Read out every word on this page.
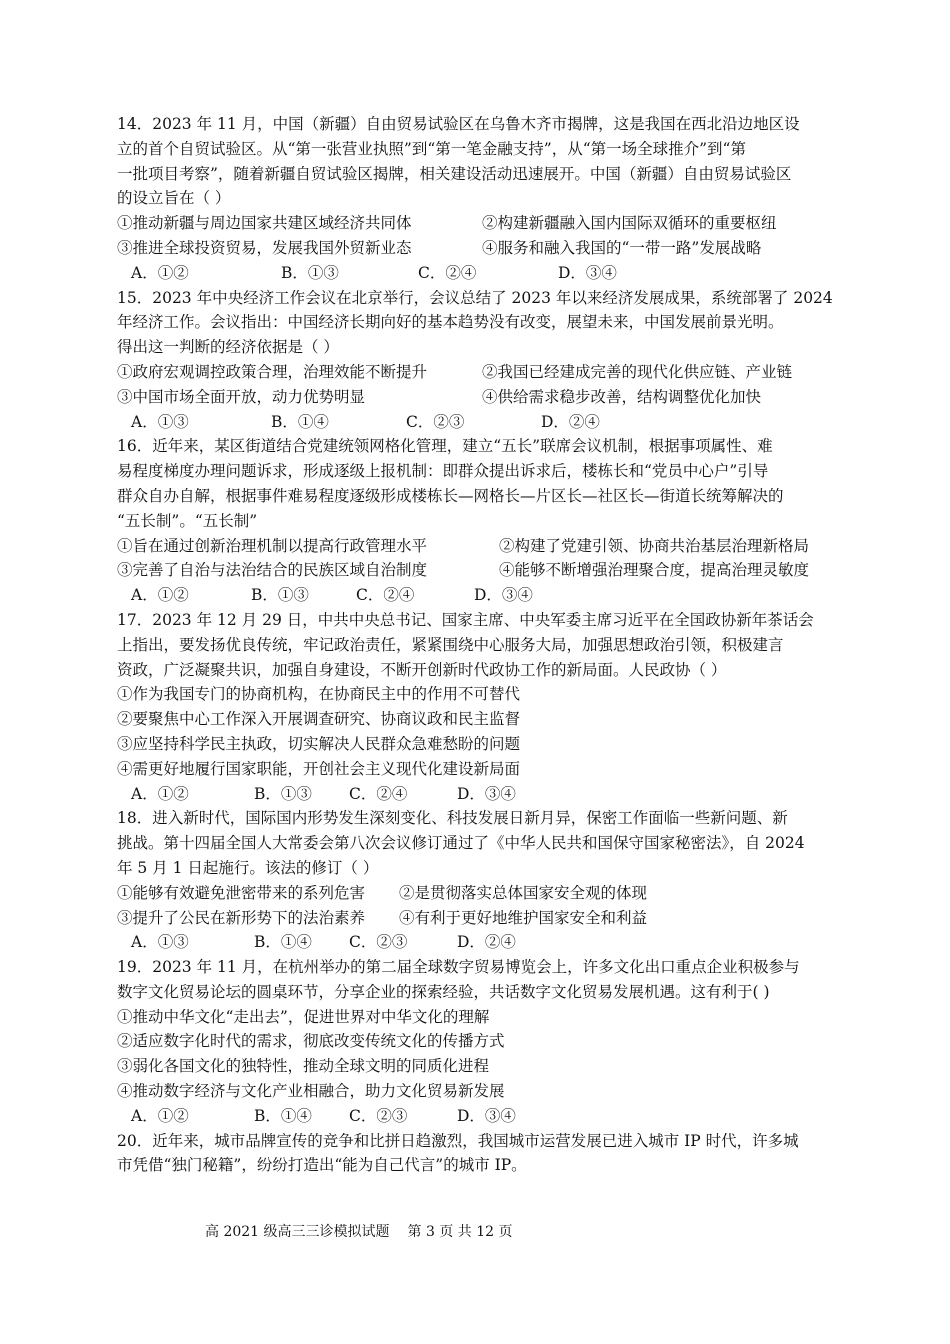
14．2023 年 11 月，中国（新疆）自由贸易试验区在乌鲁木齐市揭牌，这是我国在西北沿边地区设
立的首个自贸试验区。从“第一张营业执照”到“第一笔金融支持”，从“第一场全球推介”到“第
一批项目考察”，随着新疆自贸试验区揭牌，相关建设活动迅速展开。中国（新疆）自由贸易试验区
的设立旨在（ ）
①推动新疆与周边国家共建区域经济共同体	②构建新疆融入国内国际双循环的重要枢纽
③推进全球投资贸易，发展我国外贸新业态	④服务和融入我国的“一带一路”发展战略
A．①②	B．①③	C．②④	D．③④
15．2023 年中央经济工作会议在北京举行，会议总结了 2023 年以来经济发展成果，系统部署了 2024
年经济工作。会议指出：中国经济长期向好的基本趋势没有改变，展望未来，中国发展前景光明。
得出这一判断的经济依据是（ ）
①政府宏观调控政策合理，治理效能不断提升	②我国已经建成完善的现代化供应链、产业链
③中国市场全面开放，动力优势明显	④供给需求稳步改善，结构调整优化加快
A．①③	B．①④	C．②③	D．②④
16．近年来，某区街道结合党建统领网格化管理，建立“五长”联席会议机制，根据事项属性、难
易程度梯度办理问题诉求，形成逐级上报机制：即群众提出诉求后，楼栋长和“党员中心户”引导
群众自办自解，根据事件难易程度逐级形成楼栋长—网格长—片区长—社区长—街道长统筹解决的
“五长制”。“五长制”
①旨在通过创新治理机制以提高行政管理水平	②构建了党建引领、协商共治基层治理新格局
③完善了自治与法治结合的民族区域自治制度	④能够不断增强治理聚合度，提高治理灵敏度
A．①②	B．①③	C．②④	D．③④
17．2023 年 12 月 29 日，中共中央总书记、国家主席、中央军委主席习近平在全国政协新年茶话会
上指出，要发扬优良传统，牢记政治责任，紧紧围绕中心服务大局，加强思想政治引领，积极建言
资政，广泛凝聚共识，加强自身建设，不断开创新时代政协工作的新局面。人民政协（ ）
①作为我国专门的协商机构，在协商民主中的作用不可替代
②要聚焦中心工作深入开展调查研究、协商议政和民主监督
③应坚持科学民主执政，切实解决人民群众急难愁盼的问题
④需更好地履行国家职能，开创社会主义现代化建设新局面
A．①②	B．①③ C．②④	D．③④
18．进入新时代，国际国内形势发生深刻变化、科技发展日新月异，保密工作面临一些新问题、新
挑战。第十四届全国人大常委会第八次会议修订通过了《中华人民共和国保守国家秘密法》，自 2024
年 5 月 1 日起施行。该法的修订（ ）
①能够有效避免泄密带来的系列危害 ②是贯彻落实总体国家安全观的体现
③提升了公民在新形势下的法治素养 ④有利于更好地维护国家安全和利益
A．①③	B．①④ C．②③	D．②④
19．2023 年 11 月，在杭州举办的第二届全球数字贸易博览会上，许多文化出口重点企业积极参与
数字文化贸易论坛的圆桌环节，分享企业的探索经验，共话数字文化贸易发展机遇。这有利于( )
①推动中华文化“走出去”，促进世界对中华文化的理解
②适应数字化时代的需求，彻底改变传统文化的传播方式
③弱化各国文化的独特性，推动全球文明的同质化进程
④推动数字经济与文化产业相融合，助力文化贸易新发展
A．①②	B．①④ C．②③	D．③④
20．近年来，城市品牌宣传的竞争和比拼日趋激烈，我国城市运营发展已进入城市 IP 时代，许多城
市凭借“独门秘籍”，纷纷打造出“能为自己代言”的城市 IP。
高 2021 级高三三诊模拟试题 第 3 页 共 12 页
